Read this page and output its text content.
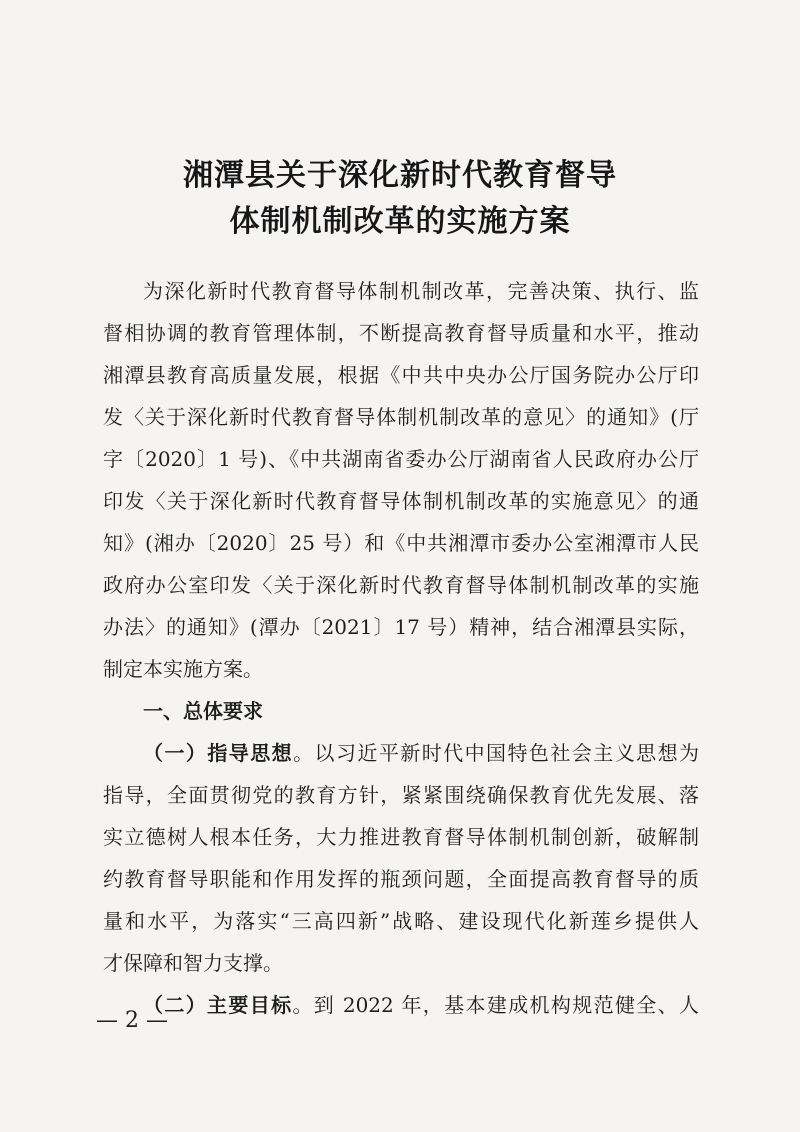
湘潭县关于深化新时代教育督导
体制机制改革的实施方案
为深化新时代教育督导体制机制改革，完善决策、执行、监
督相协调的教育管理体制，不断提高教育督导质量和水平，推动
湘潭县教育高质量发展，根据《中共中央办公厅国务院办公厅印
发〈关于深化新时代教育督导体制机制改革的意见〉的通知》(厅
字〔2020〕1 号)、《中共湖南省委办公厅湖南省人民政府办公厅
印发〈关于深化新时代教育督导体制机制改革的实施意见〉的通
知》(湘办〔2020〕25 号）和《中共湘潭市委办公室湘潭市人民
政府办公室印发〈关于深化新时代教育督导体制机制改革的实施
办法〉的通知》(潭办〔2021〕17 号）精神，结合湘潭县实际，
制定本实施方案。
一、总体要求
（一）指导思想。以习近平新时代中国特色社会主义思想为
指导，全面贯彻党的教育方针，紧紧围绕确保教育优先发展、落
实立德树人根本任务，大力推进教育督导体制机制创新，破解制
约教育督导职能和作用发挥的瓶颈问题，全面提高教育督导的质
量和水平，为落实“三高四新”战略、建设现代化新莲乡提供人
才保障和智力支撑。
（二）主要目标。到 2022 年，基本建成机构规范健全、人
— 2 —
